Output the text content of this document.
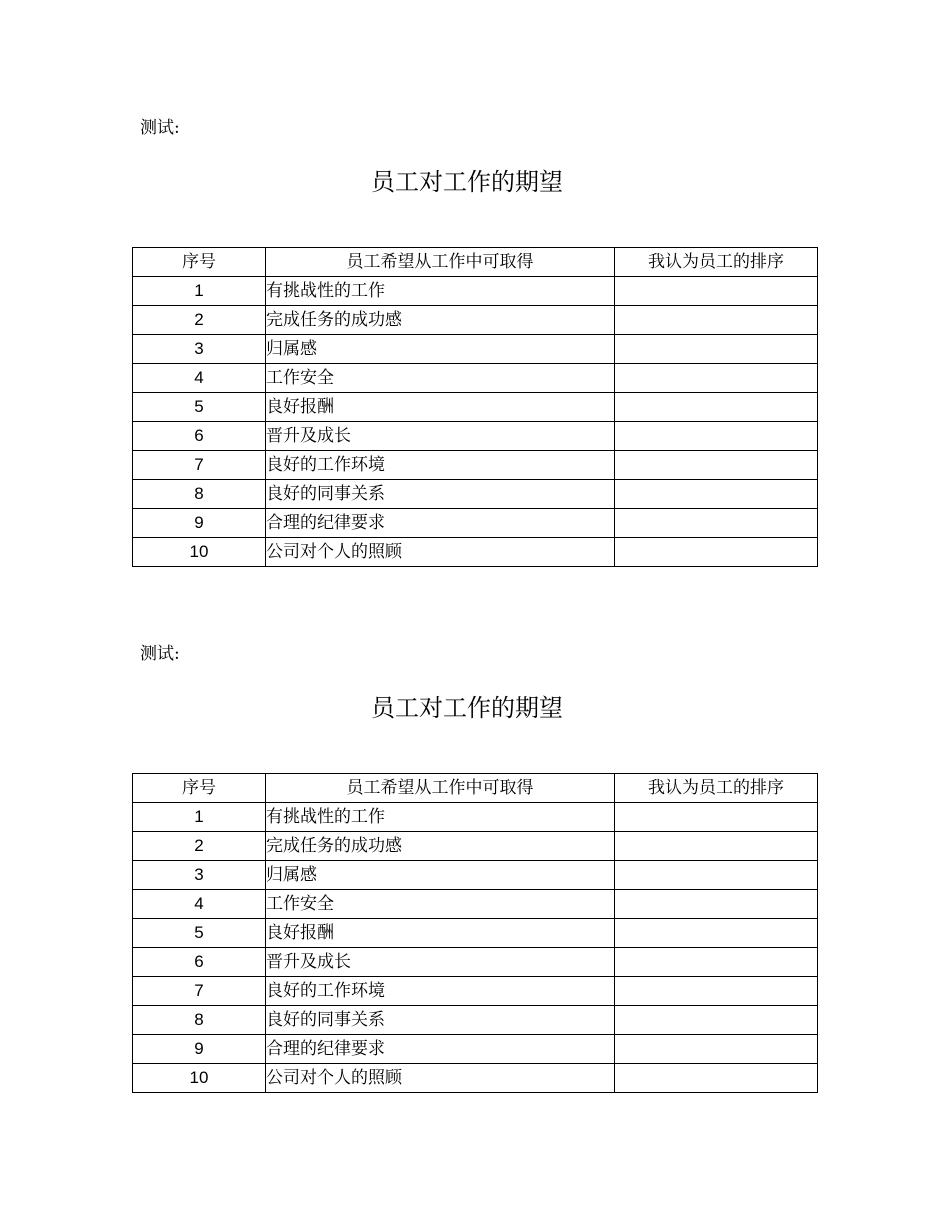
测试:
员工对工作的期望
序号	员工希望从工作中可取得	我认为员工的排序
1	有挑战性的工作	
2	完成任务的成功感	
3	归属感	
4	工作安全	
5	良好报酬	
6	晋升及成长	
7	良好的工作环境	
8	良好的同事关系	
9	合理的纪律要求	
10	公司对个人的照顾	
测试:
员工对工作的期望
序号	员工希望从工作中可取得	我认为员工的排序
1	有挑战性的工作	
2	完成任务的成功感	
3	归属感	
4	工作安全	
5	良好报酬	
6	晋升及成长	
7	良好的工作环境	
8	良好的同事关系	
9	合理的纪律要求	
10	公司对个人的照顾	
